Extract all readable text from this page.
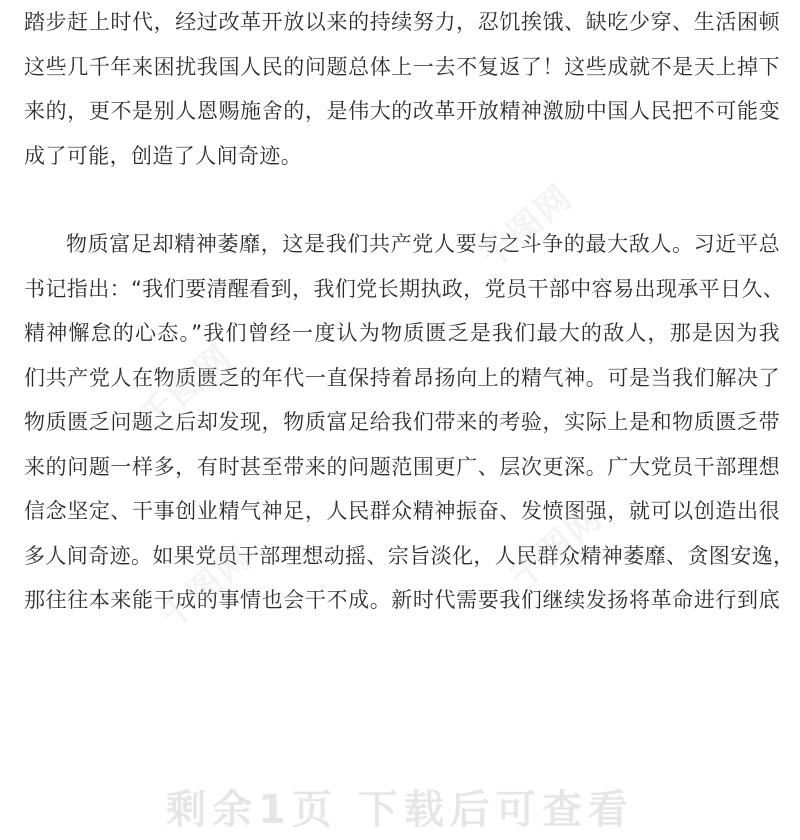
踏步赶上时代，经过改革开放以来的持续努力，忍饥挨饿、缺吃少穿、生活困顿
这些几千年来困扰我国人民的问题总体上一去不复返了！这些成就不是天上掉下
来的，更不是别人恩赐施舍的，是伟大的改革开放精神激励中国人民把不可能变
成了可能，创造了人间奇迹。
物质富足却精神萎靡，这是我们共产党人要与之斗争的最大敌人。习近平总
书记指出：“我们要清醒看到，我们党长期执政，党员干部中容易出现承平日久、
精神懈怠的心态。”我们曾经一度认为物质匮乏是我们最大的敌人，那是因为我
们共产党人在物质匮乏的年代一直保持着昂扬向上的精气神。可是当我们解决了
物质匮乏问题之后却发现，物质富足给我们带来的考验，实际上是和物质匮乏带
来的问题一样多，有时甚至带来的问题范围更广、层次更深。广大党员干部理想
信念坚定、干事创业精气神足，人民群众精神振奋、发愤图强，就可以创造出很
多人间奇迹。如果党员干部理想动摇、宗旨淡化，人民群众精神萎靡、贪图安逸，
那往往本来能干成的事情也会干不成。新时代需要我们继续发扬将革命进行到底
千图网
千图网
千图网
千图网
剩余1页 下载后可查看
